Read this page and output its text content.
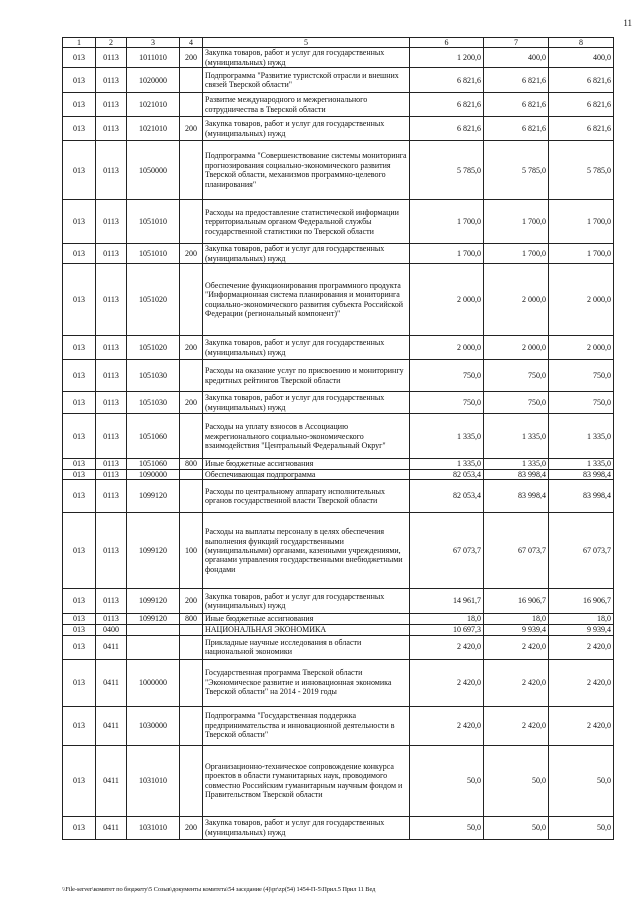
11
1	2	3	4	5	6	7	8
013	0113	1011010	200	Закупка товаров, работ и услуг для государственных (муниципальных) нужд	1 200,0	400,0	400,0
013	0113	1020000		Подпрограмма "Развитие туристской отрасли и внешних связей Тверской области"	6 821,6	6 821,6	6 821,6
013	0113	1021010		Развитие международного и межрегионального сотрудничества в Тверской области	6 821,6	6 821,6	6 821,6
013	0113	1021010	200	Закупка товаров, работ и услуг для государственных (муниципальных) нужд	6 821,6	6 821,6	6 821,6
013	0113	1050000		Подпрограмма "Совершенствование системы мониторинга прогнозирования социально-экономического развития Тверской области, механизмов программно-целевого планирования"	5 785,0	5 785,0	5 785,0
013	0113	1051010		Расходы на предоставление статистической информации территориальным органом Федеральной службы государственной статистики по Тверской области	1 700,0	1 700,0	1 700,0
013	0113	1051010	200	Закупка товаров, работ и услуг для государственных (муниципальных) нужд	1 700,0	1 700,0	1 700,0
013	0113	1051020		Обеспечение функционирования программного продукта "Информационная система планирования и мониторинга социально-экономического развития субъекта Российской Федерации (региональный компонент)"	2 000,0	2 000,0	2 000,0
013	0113	1051020	200	Закупка товаров, работ и услуг для государственных (муниципальных) нужд	2 000,0	2 000,0	2 000,0
013	0113	1051030		Расходы на оказание услуг по присвоению и мониторингу кредитных рейтингов Тверской области	750,0	750,0	750,0
013	0113	1051030	200	Закупка товаров, работ и услуг для государственных (муниципальных) нужд	750,0	750,0	750,0
013	0113	1051060		Расходы на уплату взносов в Ассоциацию межрегионального социально-экономического взаимодействия "Центральный Федеральный Округ"	1 335,0	1 335,0	1 335,0
013	0113	1051060	800	Иные бюджетные ассигнования	1 335,0	1 335,0	1 335,0
013	0113	1090000		Обеспечивающая подпрограмма	82 053,4	83 998,4	83 998,4
013	0113	1099120		Расходы по центральному аппарату исполнительных органов государственной власти Тверской области	82 053,4	83 998,4	83 998,4
013	0113	1099120	100	Расходы на выплаты персоналу в целях обеспечения выполнения функций государственными (муниципальными) органами, казенными учреждениями, органами управления государственными внебюджетными фондами	67 073,7	67 073,7	67 073,7
013	0113	1099120	200	Закупка товаров, работ и услуг для государственных (муниципальных) нужд	14 961,7	16 906,7	16 906,7
013	0113	1099120	800	Иные бюджетные ассигнования	18,0	18,0	18,0
013	0400			НАЦИОНАЛЬНАЯ ЭКОНОМИКА	10 697,3	9 939,4	9 939,4
013	0411			Прикладные научные исследования в области национальной экономики	2 420,0	2 420,0	2 420,0
013	0411	1000000		Государственная программа Тверской области "Экономическое развитие и инновационная экономика Тверской области" на 2014 - 2019 годы	2 420,0	2 420,0	2 420,0
013	0411	1030000		Подпрограмма "Государственная поддержка предпринимательства и инновационной деятельности в Тверской области"	2 420,0	2 420,0	2 420,0
013	0411	1031010		Организационно-техническое сопровождение конкурса проектов в области гуманитарных наук, проводимого совместно Российским гуманитарным научным фондом и Правительством Тверской области	50,0	50,0	50,0
013	0411	1031010	200	Закупка товаров, работ и услуг для государственных (муниципальных) нужд	50,0	50,0	50,0
\\File-server\комитет по бюджету\5 Созыв\документы комитета\54 заседание (4)\pr\zp(54) 1454-П-5\Прил.5 Прил 11 Вед
